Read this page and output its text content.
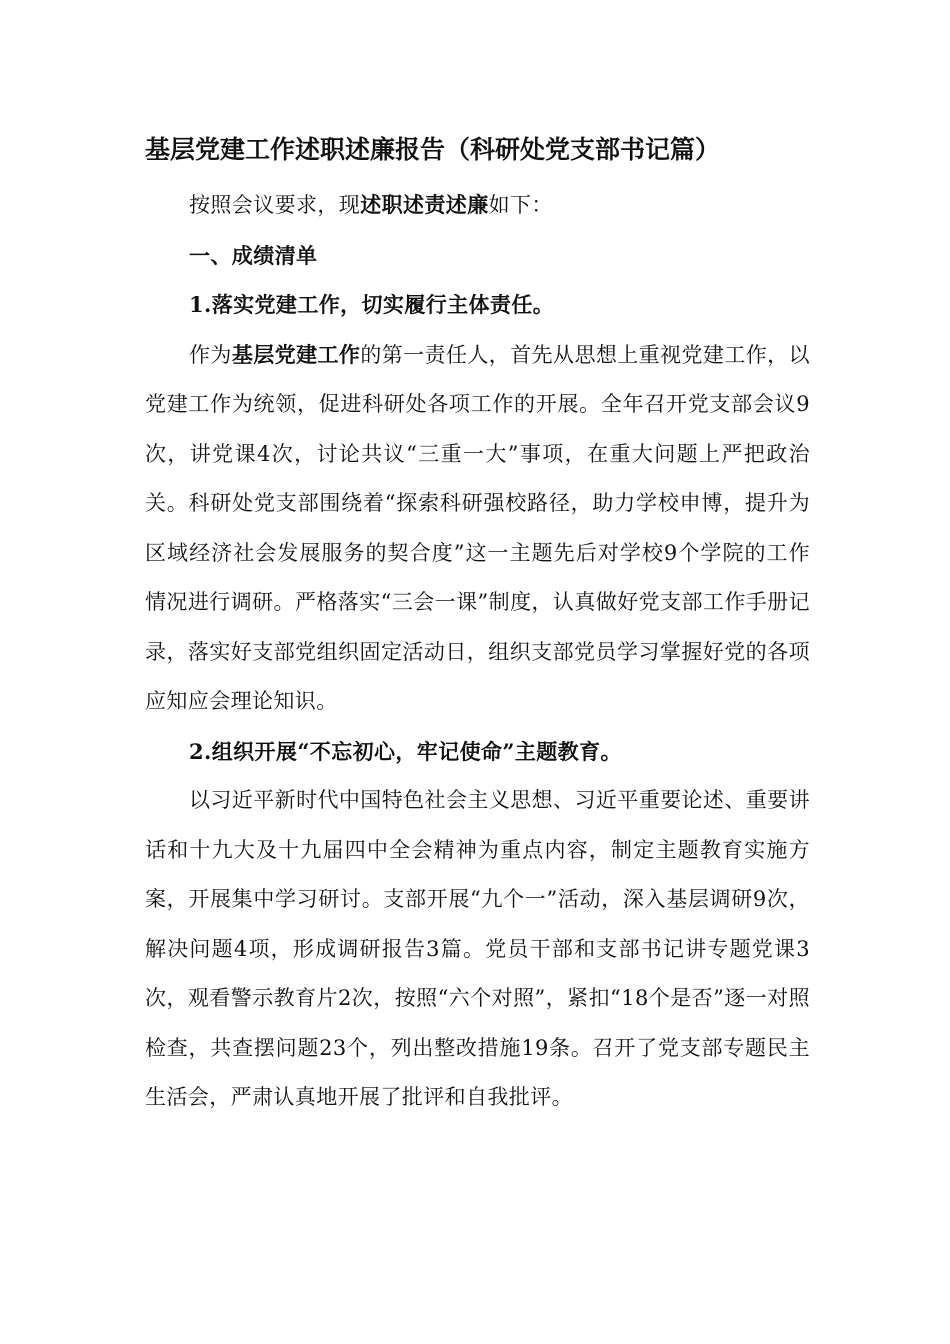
基层党建工作述职述廉报告（科研处党支部书记篇）

按照会议要求，现述职述责述廉如下：

一、成绩清单

1.落实党建工作，切实履行主体责任。

作为基层党建工作的第一责任人，首先从思想上重视党建工作，以党建工作为统领，促进科研处各项工作的开展。全年召开党支部会议9次，讲党课4次，讨论共议“三重一大”事项，在重大问题上严把政治关。科研处党支部围绕着“探索科研强校路径，助力学校申博，提升为区域经济社会发展服务的契合度”这一主题先后对学校9个学院的工作情况进行调研。严格落实“三会一课”制度，认真做好党支部工作手册记录，落实好支部党组织固定活动日，组织支部党员学习掌握好党的各项应知应会理论知识。

2.组织开展“不忘初心，牢记使命”主题教育。

以习近平新时代中国特色社会主义思想、习近平重要论述、重要讲话和十九大及十九届四中全会精神为重点内容，制定主题教育实施方案，开展集中学习研讨。支部开展“九个一”活动，深入基层调研9次，解决问题4项，形成调研报告3篇。党员干部和支部书记讲专题党课3次，观看警示教育片2次，按照“六个对照”，紧扣“18个是否”逐一对照检查，共查摆问题23个，列出整改措施19条。召开了党支部专题民主生活会，严肃认真地开展了批评和自我批评。
